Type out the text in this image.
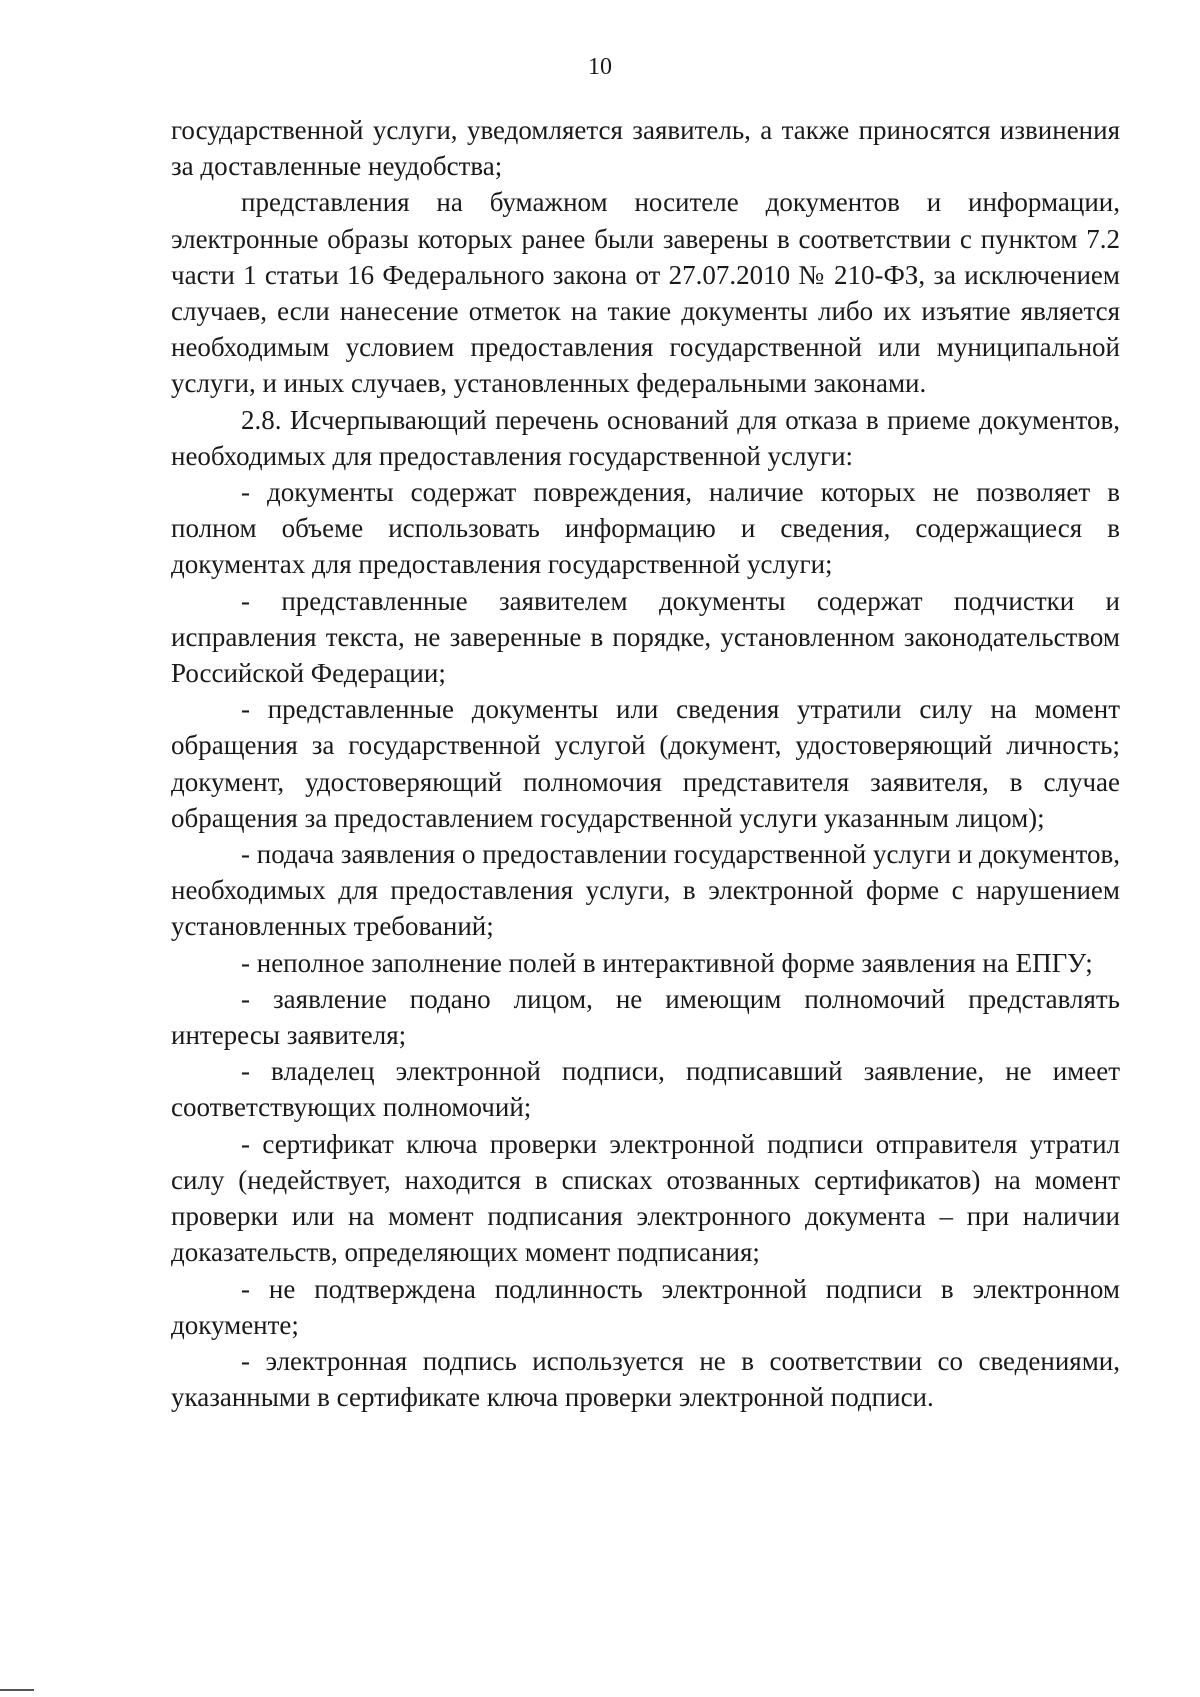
10

государственной услуги, уведомляется заявитель, а также приносятся извинения за доставленные неудобства;

представления на бумажном носителе документов и информации, электронные образы которых ранее были заверены в соответствии с пунктом 7.2 части 1 статьи 16 Федерального закона от 27.07.2010 № 210-ФЗ, за исключением случаев, если нанесение отметок на такие документы либо их изъятие является необходимым условием предоставления государственной или муниципальной услуги, и иных случаев, установленных федеральными законами.

2.8. Исчерпывающий перечень оснований для отказа в приеме документов, необходимых для предоставления государственной услуги:

- документы содержат повреждения, наличие которых не позволяет в полном объеме использовать информацию и сведения, содержащиеся в документах для предоставления государственной услуги;

- представленные заявителем документы содержат подчистки и исправления текста, не заверенные в порядке, установленном законодательством Российской Федерации;

- представленные документы или сведения утратили силу на момент обращения за государственной услугой (документ, удостоверяющий личность; документ, удостоверяющий полномочия представителя заявителя, в случае обращения за предоставлением государственной услуги указанным лицом);

- подача заявления о предоставлении государственной услуги и документов, необходимых для предоставления услуги, в электронной форме с нарушением установленных требований;

- неполное заполнение полей в интерактивной форме заявления на ЕПГУ;

- заявление подано лицом, не имеющим полномочий представлять интересы заявителя;

- владелец электронной подписи, подписавший заявление, не имеет соответствующих полномочий;

- сертификат ключа проверки электронной подписи отправителя утратил силу (недействует, находится в списках отозванных сертификатов) на момент проверки или на момент подписания электронного документа – при наличии доказательств, определяющих момент подписания;

- не подтверждена подлинность электронной подписи в электронном документе;

- электронная подпись используется не в соответствии со сведениями, указанными в сертификате ключа проверки электронной подписи.
